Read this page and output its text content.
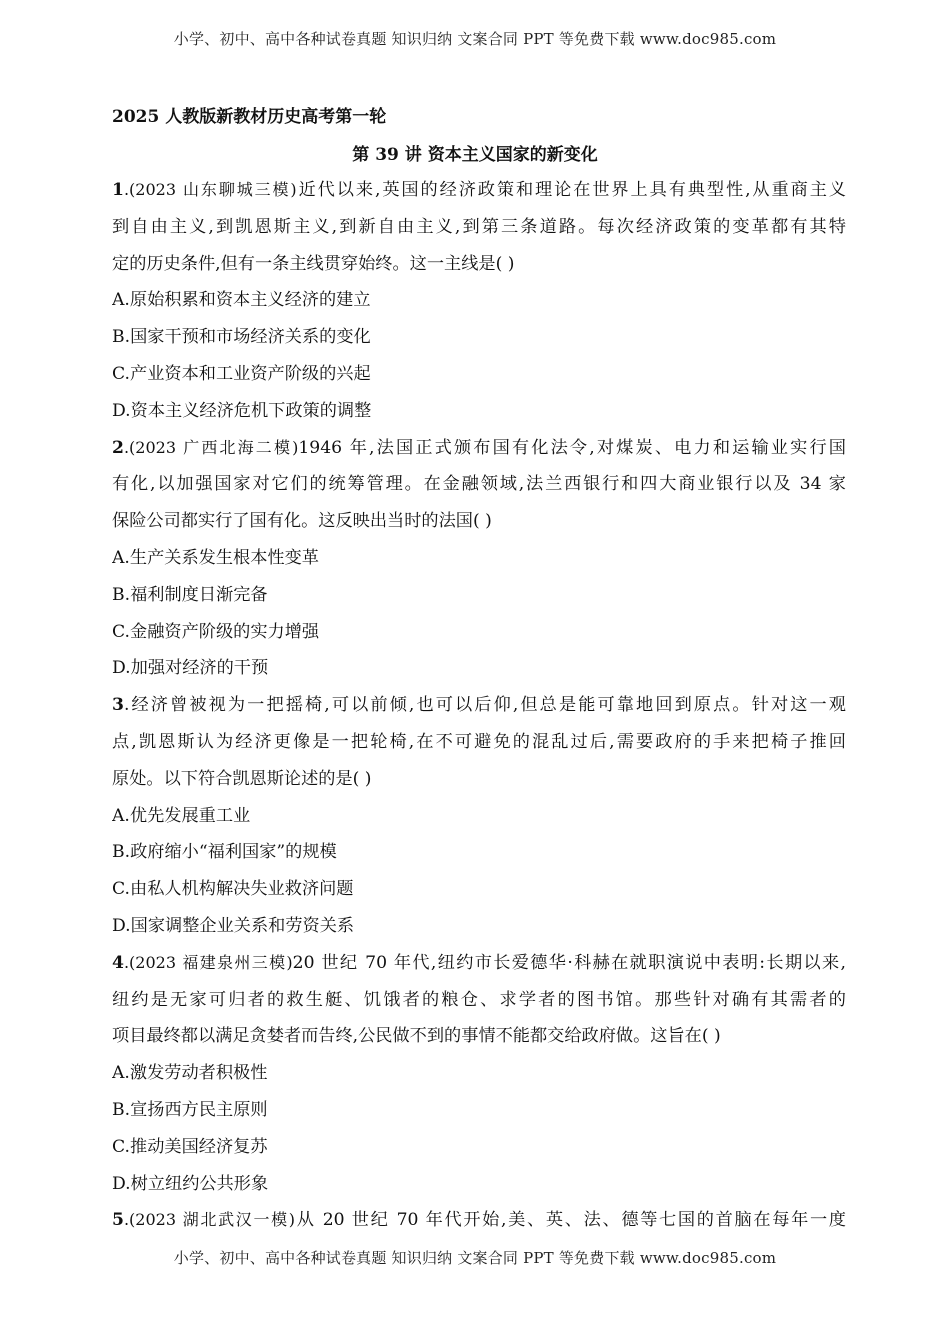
小学、初中、高中各种试卷真题 知识归纳 文案合同 PPT 等免费下载 www.doc985.com
2025 人教版新教材历史高考第一轮
第 39 讲 资本主义国家的新变化
1.(2023 山东聊城三模)近代以来,英国的经济政策和理论在世界上具有典型性,从重商主义
到自由主义,到凯恩斯主义,到新自由主义,到第三条道路。每次经济政策的变革都有其特
定的历史条件,但有一条主线贯穿始终。这一主线是( )
A.原始积累和资本主义经济的建立
B.国家干预和市场经济关系的变化
C.产业资本和工业资产阶级的兴起
D.资本主义经济危机下政策的调整
2.(2023 广西北海二模)1946 年,法国正式颁布国有化法令,对煤炭、电力和运输业实行国
有化,以加强国家对它们的统筹管理。在金融领域,法兰西银行和四大商业银行以及 34 家
保险公司都实行了国有化。这反映出当时的法国( )
A.生产关系发生根本性变革
B.福利制度日渐完备
C.金融资产阶级的实力增强
D.加强对经济的干预
3.经济曾被视为一把摇椅,可以前倾,也可以后仰,但总是能可靠地回到原点。针对这一观
点,凯恩斯认为经济更像是一把轮椅,在不可避免的混乱过后,需要政府的手来把椅子推回
原处。以下符合凯恩斯论述的是( )
A.优先发展重工业
B.政府缩小“福利国家”的规模
C.由私人机构解决失业救济问题
D.国家调整企业关系和劳资关系
4.(2023 福建泉州三模)20 世纪 70 年代,纽约市长爱德华·科赫在就职演说中表明:长期以来,
纽约是无家可归者的救生艇、饥饿者的粮仓、求学者的图书馆。那些针对确有其需者的
项目最终都以满足贪婪者而告终,公民做不到的事情不能都交给政府做。这旨在( )
A.激发劳动者积极性
B.宣扬西方民主原则
C.推动美国经济复苏
D.树立纽约公共形象
5.(2023 湖北武汉一模)从 20 世纪 70 年代开始,美、英、法、德等七国的首脑在每年一度
小学、初中、高中各种试卷真题 知识归纳 文案合同 PPT 等免费下载 www.doc985.com
